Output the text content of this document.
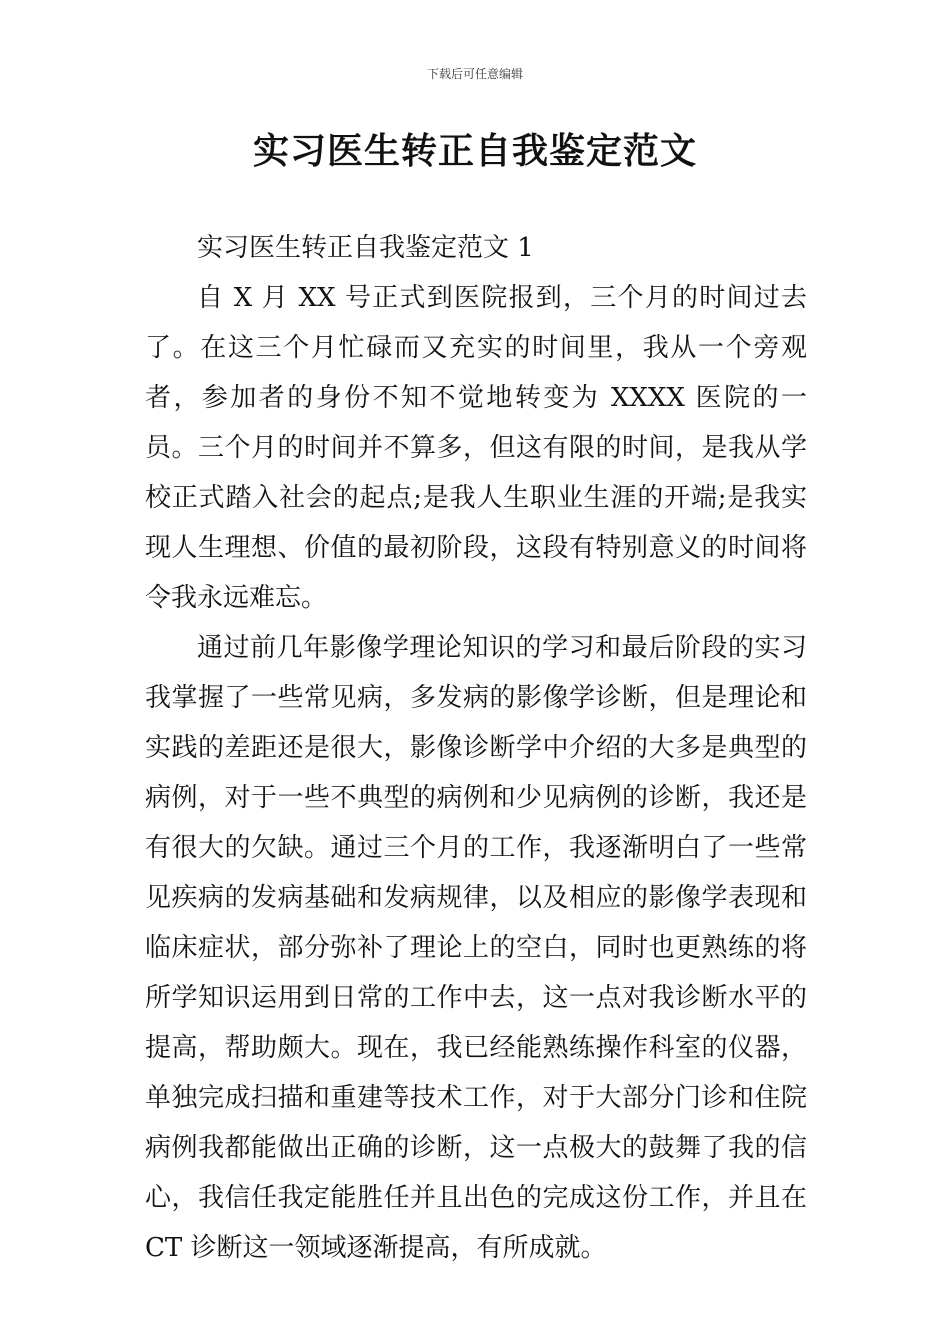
下载后可任意编辑
实习医生转正自我鉴定范文

实习医生转正自我鉴定范文 1

自 X 月 XX 号正式到医院报到，三个月的时间过去了。在这三个月忙碌而又充实的时间里，我从一个旁观者，参加者的身份不知不觉地转变为 XXXX 医院的一员。三个月的时间并不算多，但这有限的时间，是我从学校正式踏入社会的起点;是我人生职业生涯的开端;是我实现人生理想、价值的最初阶段，这段有特别意义的时间将令我永远难忘。

通过前几年影像学理论知识的学习和最后阶段的实习我掌握了一些常见病，多发病的影像学诊断，但是理论和实践的差距还是很大，影像诊断学中介绍的大多是典型的病例，对于一些不典型的病例和少见病例的诊断，我还是有很大的欠缺。通过三个月的工作，我逐渐明白了一些常见疾病的发病基础和发病规律，以及相应的影像学表现和临床症状，部分弥补了理论上的空白，同时也更熟练的将所学知识运用到日常的工作中去，这一点对我诊断水平的提高，帮助颇大。现在，我已经能熟练操作科室的仪器，单独完成扫描和重建等技术工作，对于大部分门诊和住院病例我都能做出正确的诊断，这一点极大的鼓舞了我的信心，我信任我定能胜任并且出色的完成这份工作，并且在 CT 诊断这一领域逐渐提高，有所成就。
